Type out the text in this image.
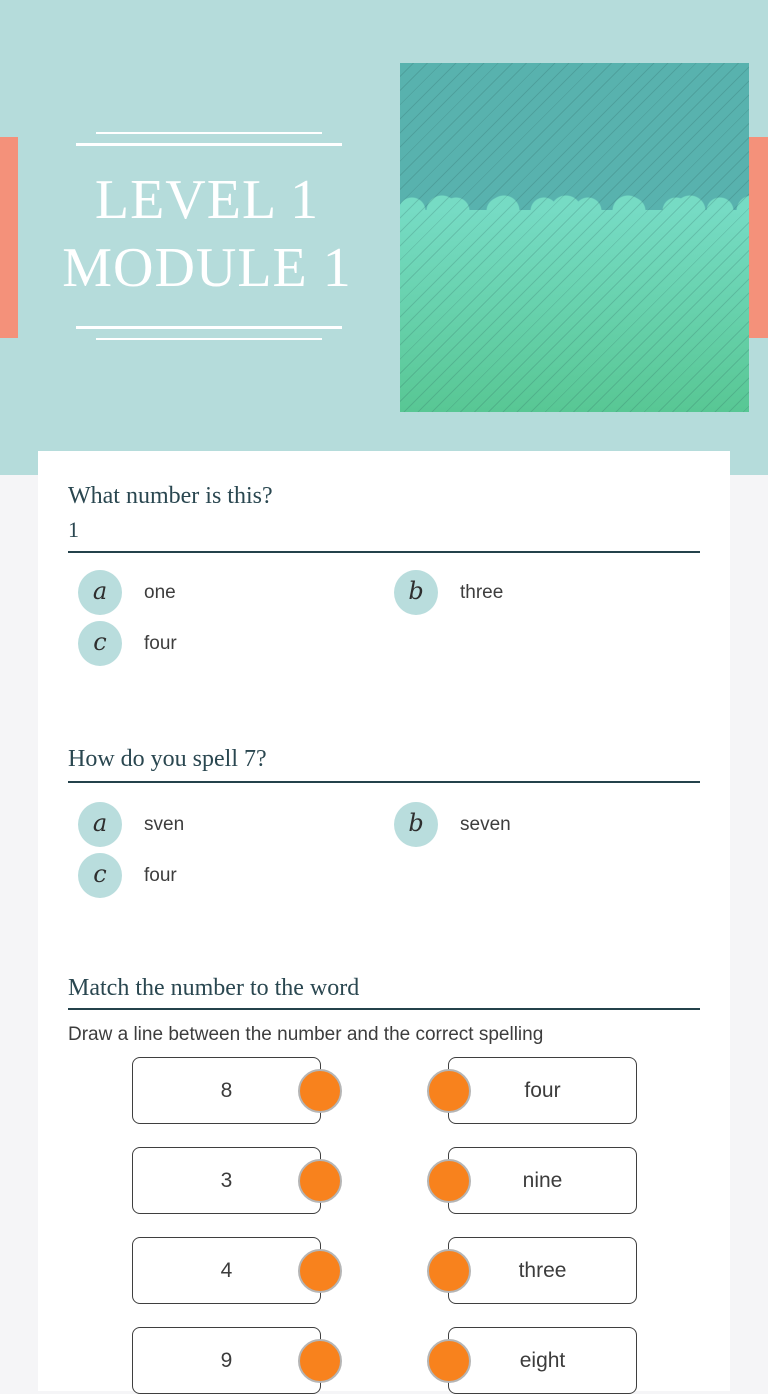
LEVEL 1
MODULE 1
What number is this?
1
a	one	b	three
c	four
How do you spell 7?
a	sven	b	seven
c	four
Match the number to the word
Draw a line between the number and the correct spelling
8	four
3	nine
4	three
9	eight
